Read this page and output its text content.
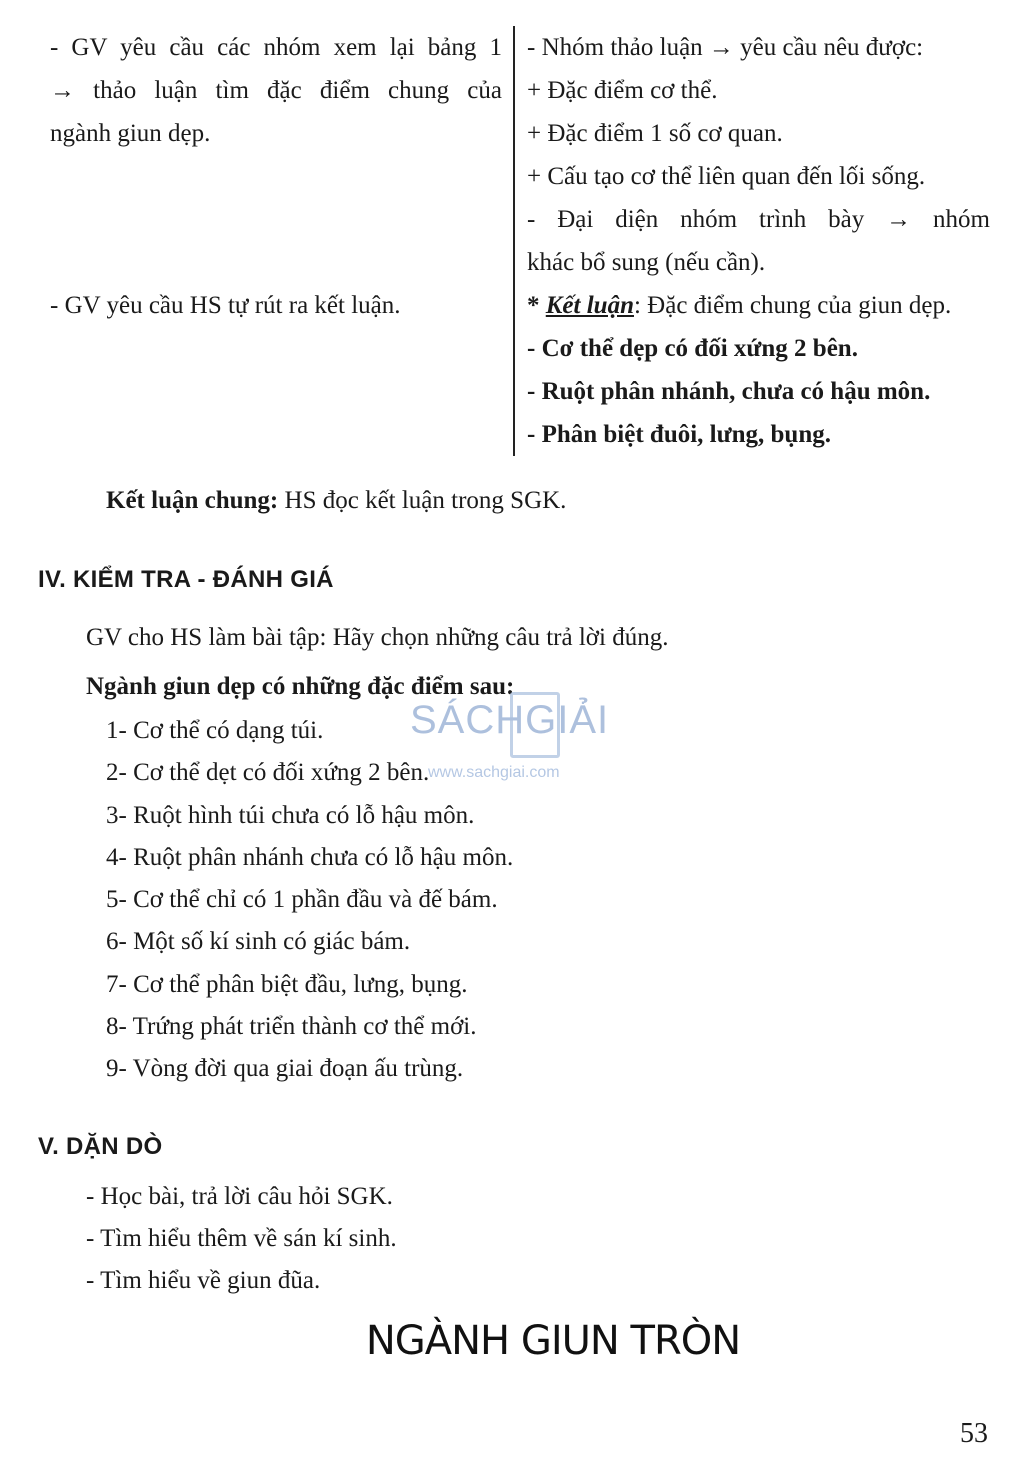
- GV yêu cầu các nhóm xem lại bảng 1
→ thảo luận tìm đặc điểm chung của
ngành giun dẹp.
- GV yêu cầu HS tự rút ra kết luận.
- Nhóm thảo luận → yêu cầu nêu được:
+ Đặc điểm cơ thể.
+ Đặc điểm 1 số cơ quan.
+ Cấu tạo cơ thể liên quan đến lối sống.
- Đại diện nhóm trình bày → nhóm
khác bổ sung (nếu cần).
* Kết luận: Đặc điểm chung của giun dẹp.
- Cơ thể dẹp có đối xứng 2 bên.
- Ruột phân nhánh, chưa có hậu môn.
- Phân biệt đuôi, lưng, bụng.
Kết luận chung: HS đọc kết luận trong SGK.
IV. KIỂM TRA - ĐÁNH GIÁ
GV cho HS làm bài tập: Hãy chọn những câu trả lời đúng.
Ngành giun dẹp có những đặc điểm sau:
1- Cơ thể có dạng túi.
2- Cơ thể dẹt có đối xứng 2 bên.
3- Ruột hình túi chưa có lỗ hậu môn.
4- Ruột phân nhánh chưa có lỗ hậu môn.
5- Cơ thể chỉ có 1 phần đầu và đế bám.
6- Một số kí sinh có giác bám.
7- Cơ thể phân biệt đầu, lưng, bụng.
8- Trứng phát triển thành cơ thể mới.
9- Vòng đời qua giai đoạn ấu trùng.
SÁCHGIẢI
www.sachgiai.com
V. DẶN DÒ
- Học bài, trả lời câu hỏi SGK.
- Tìm hiểu thêm về sán kí sinh.
- Tìm hiểu về giun đũa.
NGÀNH GIUN TRÒN
53
